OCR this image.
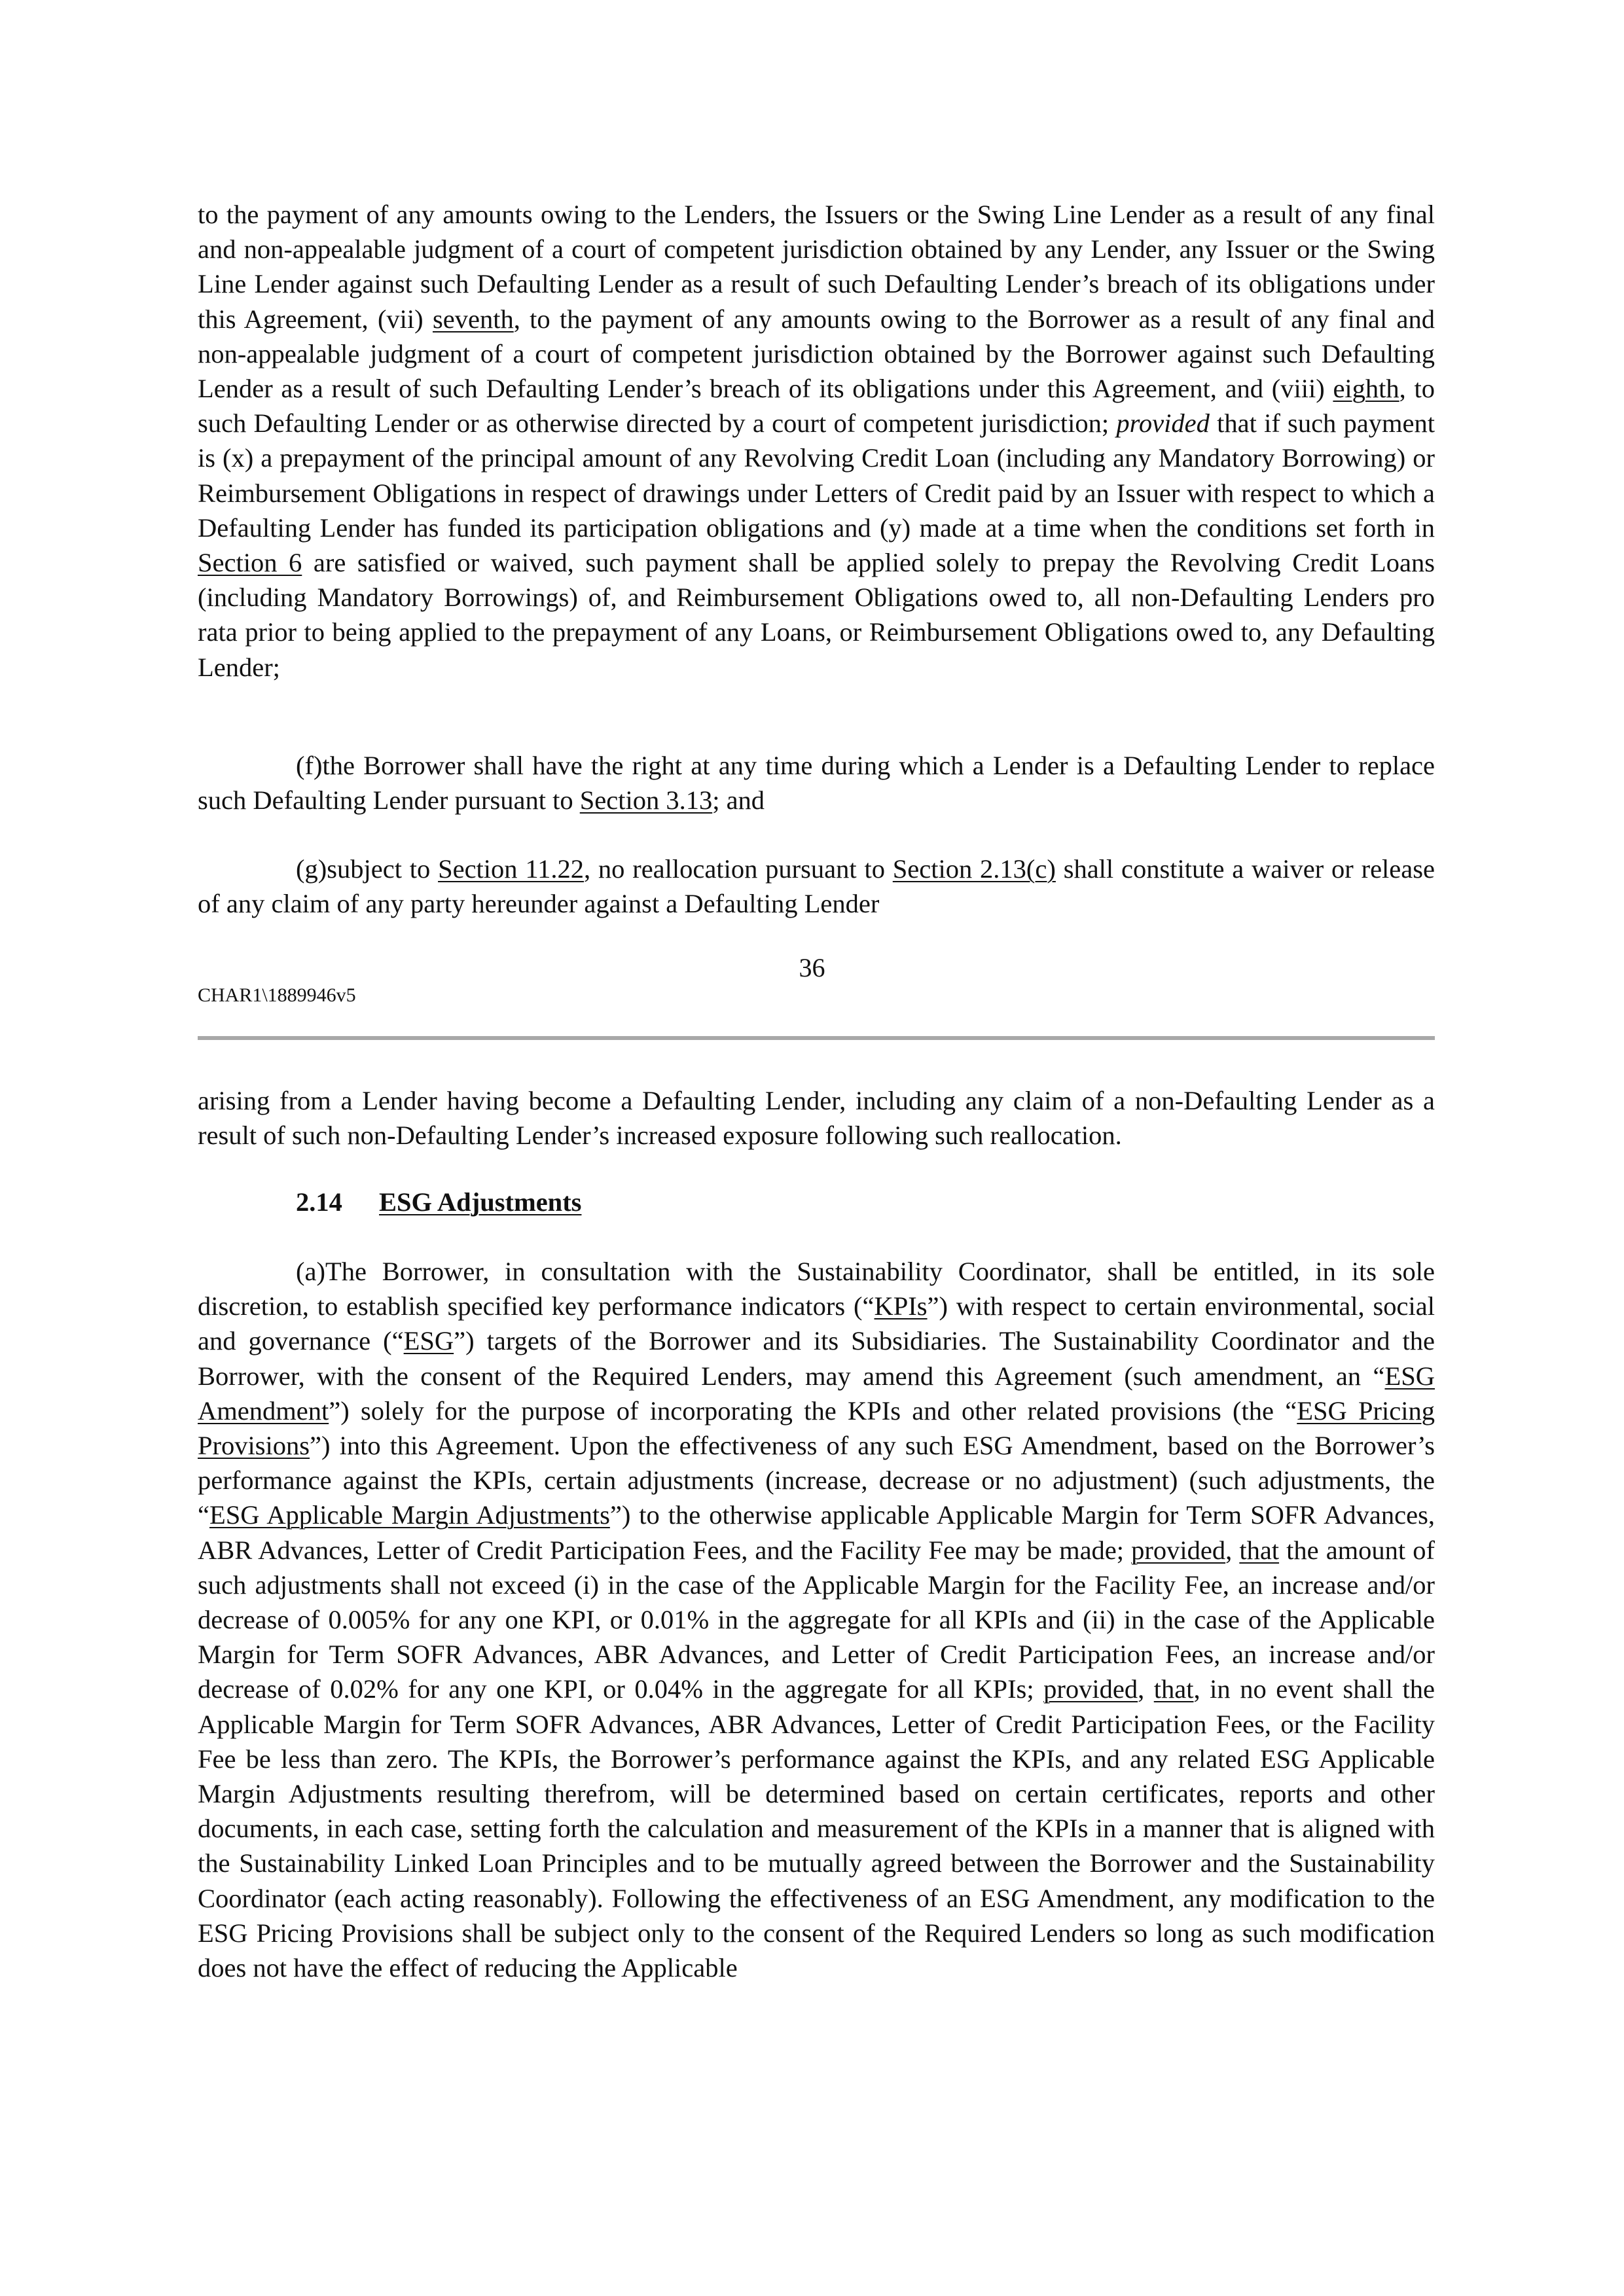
to the payment of any amounts owing to the Lenders, the Issuers or the Swing Line Lender as a result of any final and non-appealable judgment of a court of competent jurisdiction obtained by any Lender, any Issuer or the Swing Line Lender against such Defaulting Lender as a result of such Defaulting Lender’s breach of its obligations under this Agreement, (vii) seventh, to the payment of any amounts owing to the Borrower as a result of any final and non-appealable judgment of a court of competent jurisdiction obtained by the Borrower against such Defaulting Lender as a result of such Defaulting Lender’s breach of its obligations under this Agreement, and (viii) eighth, to such Defaulting Lender or as otherwise directed by a court of competent jurisdiction; provided that if such payment is (x) a prepayment of the principal amount of any Revolving Credit Loan (including any Mandatory Borrowing) or Reimbursement Obligations in respect of drawings under Letters of Credit paid by an Issuer with respect to which a Defaulting Lender has funded its participation obligations and (y) made at a time when the conditions set forth in Section 6 are satisfied or waived, such payment shall be applied solely to prepay the Revolving Credit Loans (including Mandatory Borrowings) of, and Reimbursement Obligations owed to, all non-Defaulting Lenders pro rata prior to being applied to the prepayment of any Loans, or Reimbursement Obligations owed to, any Defaulting Lender;

(f)the Borrower shall have the right at any time during which a Lender is a Defaulting Lender to replace such Defaulting Lender pursuant to Section 3.13; and

(g)subject to Section 11.22, no reallocation pursuant to Section 2.13(c) shall constitute a waiver or release of any claim of any party hereunder against a Defaulting Lender

36
CHAR1\1889946v5

arising from a Lender having become a Defaulting Lender, including any claim of a non-Defaulting Lender as a result of such non-Defaulting Lender’s increased exposure following such reallocation.

2.14 ESG Adjustments

(a)The Borrower, in consultation with the Sustainability Coordinator, shall be entitled, in its sole discretion, to establish specified key performance indicators (“KPIs”) with respect to certain environmental, social and governance (“ESG”) targets of the Borrower and its Subsidiaries. The Sustainability Coordinator and the Borrower, with the consent of the Required Lenders, may amend this Agreement (such amendment, an “ESG Amendment”) solely for the purpose of incorporating the KPIs and other related provisions (the “ESG Pricing Provisions”) into this Agreement. Upon the effectiveness of any such ESG Amendment, based on the Borrower’s performance against the KPIs, certain adjustments (increase, decrease or no adjustment) (such adjustments, the “ESG Applicable Margin Adjustments”) to the otherwise applicable Applicable Margin for Term SOFR Advances, ABR Advances, Letter of Credit Participation Fees, and the Facility Fee may be made; provided, that the amount of such adjustments shall not exceed (i) in the case of the Applicable Margin for the Facility Fee, an increase and/or decrease of 0.005% for any one KPI, or 0.01% in the aggregate for all KPIs and (ii) in the case of the Applicable Margin for Term SOFR Advances, ABR Advances, and Letter of Credit Participation Fees, an increase and/or decrease of 0.02% for any one KPI, or 0.04% in the aggregate for all KPIs; provided, that, in no event shall the Applicable Margin for Term SOFR Advances, ABR Advances, Letter of Credit Participation Fees, or the Facility Fee be less than zero. The KPIs, the Borrower’s performance against the KPIs, and any related ESG Applicable Margin Adjustments resulting therefrom, will be determined based on certain certificates, reports and other documents, in each case, setting forth the calculation and measurement of the KPIs in a manner that is aligned with the Sustainability Linked Loan Principles and to be mutually agreed between the Borrower and the Sustainability Coordinator (each acting reasonably). Following the effectiveness of an ESG Amendment, any modification to the ESG Pricing Provisions shall be subject only to the consent of the Required Lenders so long as such modification does not have the effect of reducing the Applicable
